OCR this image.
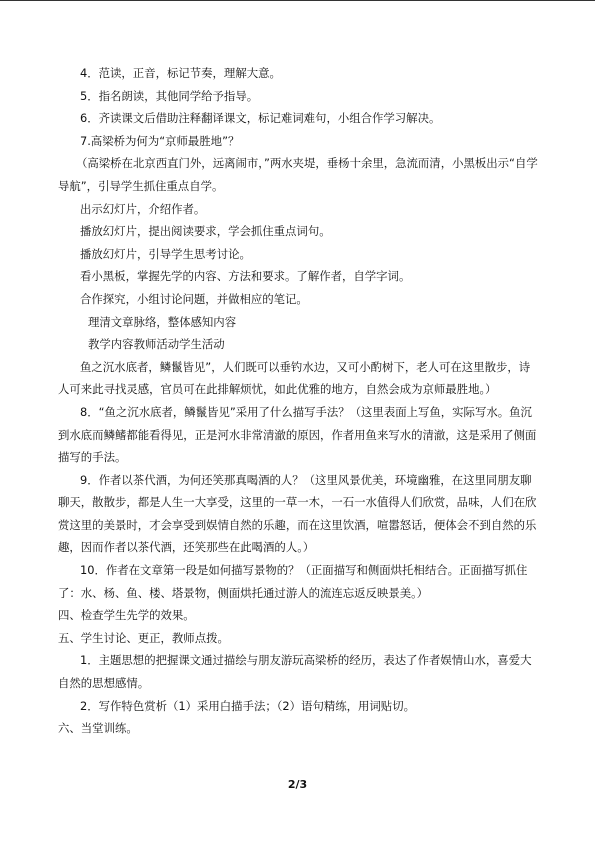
4．范读，正音，标记节奏，理解大意。

5．指名朗读，其他同学给予指导。

6．齐读课文后借助注释翻译课文，标记难词难句，小组合作学习解决。

7.高梁桥为何为“京师最胜地”？

（高梁桥在北京西直门外，远离闹市，”两水夹堤，垂杨十余里，急流而清，小黑板出示“自学导航”，引导学生抓住重点自学。

出示幻灯片，介绍作者。

播放幻灯片，提出阅读要求，学会抓住重点词句。

播放幻灯片，引导学生思考讨论。

看小黑板，掌握先学的内容、方法和要求。了解作者，自学字词。

合作探究，小组讨论问题，并做相应的笔记。

理清文章脉络，整体感知内容

教学内容教师活动学生活动

鱼之沉水底者，鳞鬣皆见”，人们既可以垂钓水边，又可小酌树下，老人可在这里散步，诗人可来此寻找灵感，官员可在此排解烦忧，如此优雅的地方，自然会成为京师最胜地。）

8．“鱼之沉水底者，鳞鬣皆见”采用了什么描写手法？（这里表面上写鱼，实际写水。鱼沉到水底而鳞鳍都能看得见，正是河水非常清澈的原因，作者用鱼来写水的清澈，这是采用了侧面描写的手法。

9．作者以茶代酒，为何还笑那真喝酒的人？（这里风景优美，环境幽雅，在这里同朋友聊聊天，散散步，都是人生一大享受，这里的一草一木，一石一水值得人们欣赏，品味，人们在欣赏这里的美景时，才会享受到娱情自然的乐趣，而在这里饮酒，喧嚣怒话，便体会不到自然的乐趣，因而作者以茶代酒，还笑那些在此喝酒的人。）

10．作者在文章第一段是如何描写景物的？（正面描写和侧面烘托相结合。正面描写抓住了：水、杨、鱼、楼、塔景物，侧面烘托通过游人的流连忘返反映景美。）

四、检查学生先学的效果。

五、学生讨论、更正，教师点拨。

1．主题思想的把握课文通过描绘与朋友游玩高梁桥的经历，表达了作者娱情山水，喜爱大自然的思想感情。

2．写作特色赏析（1）采用白描手法；（2）语句精练，用词贴切。

六、当堂训练。

2/3
